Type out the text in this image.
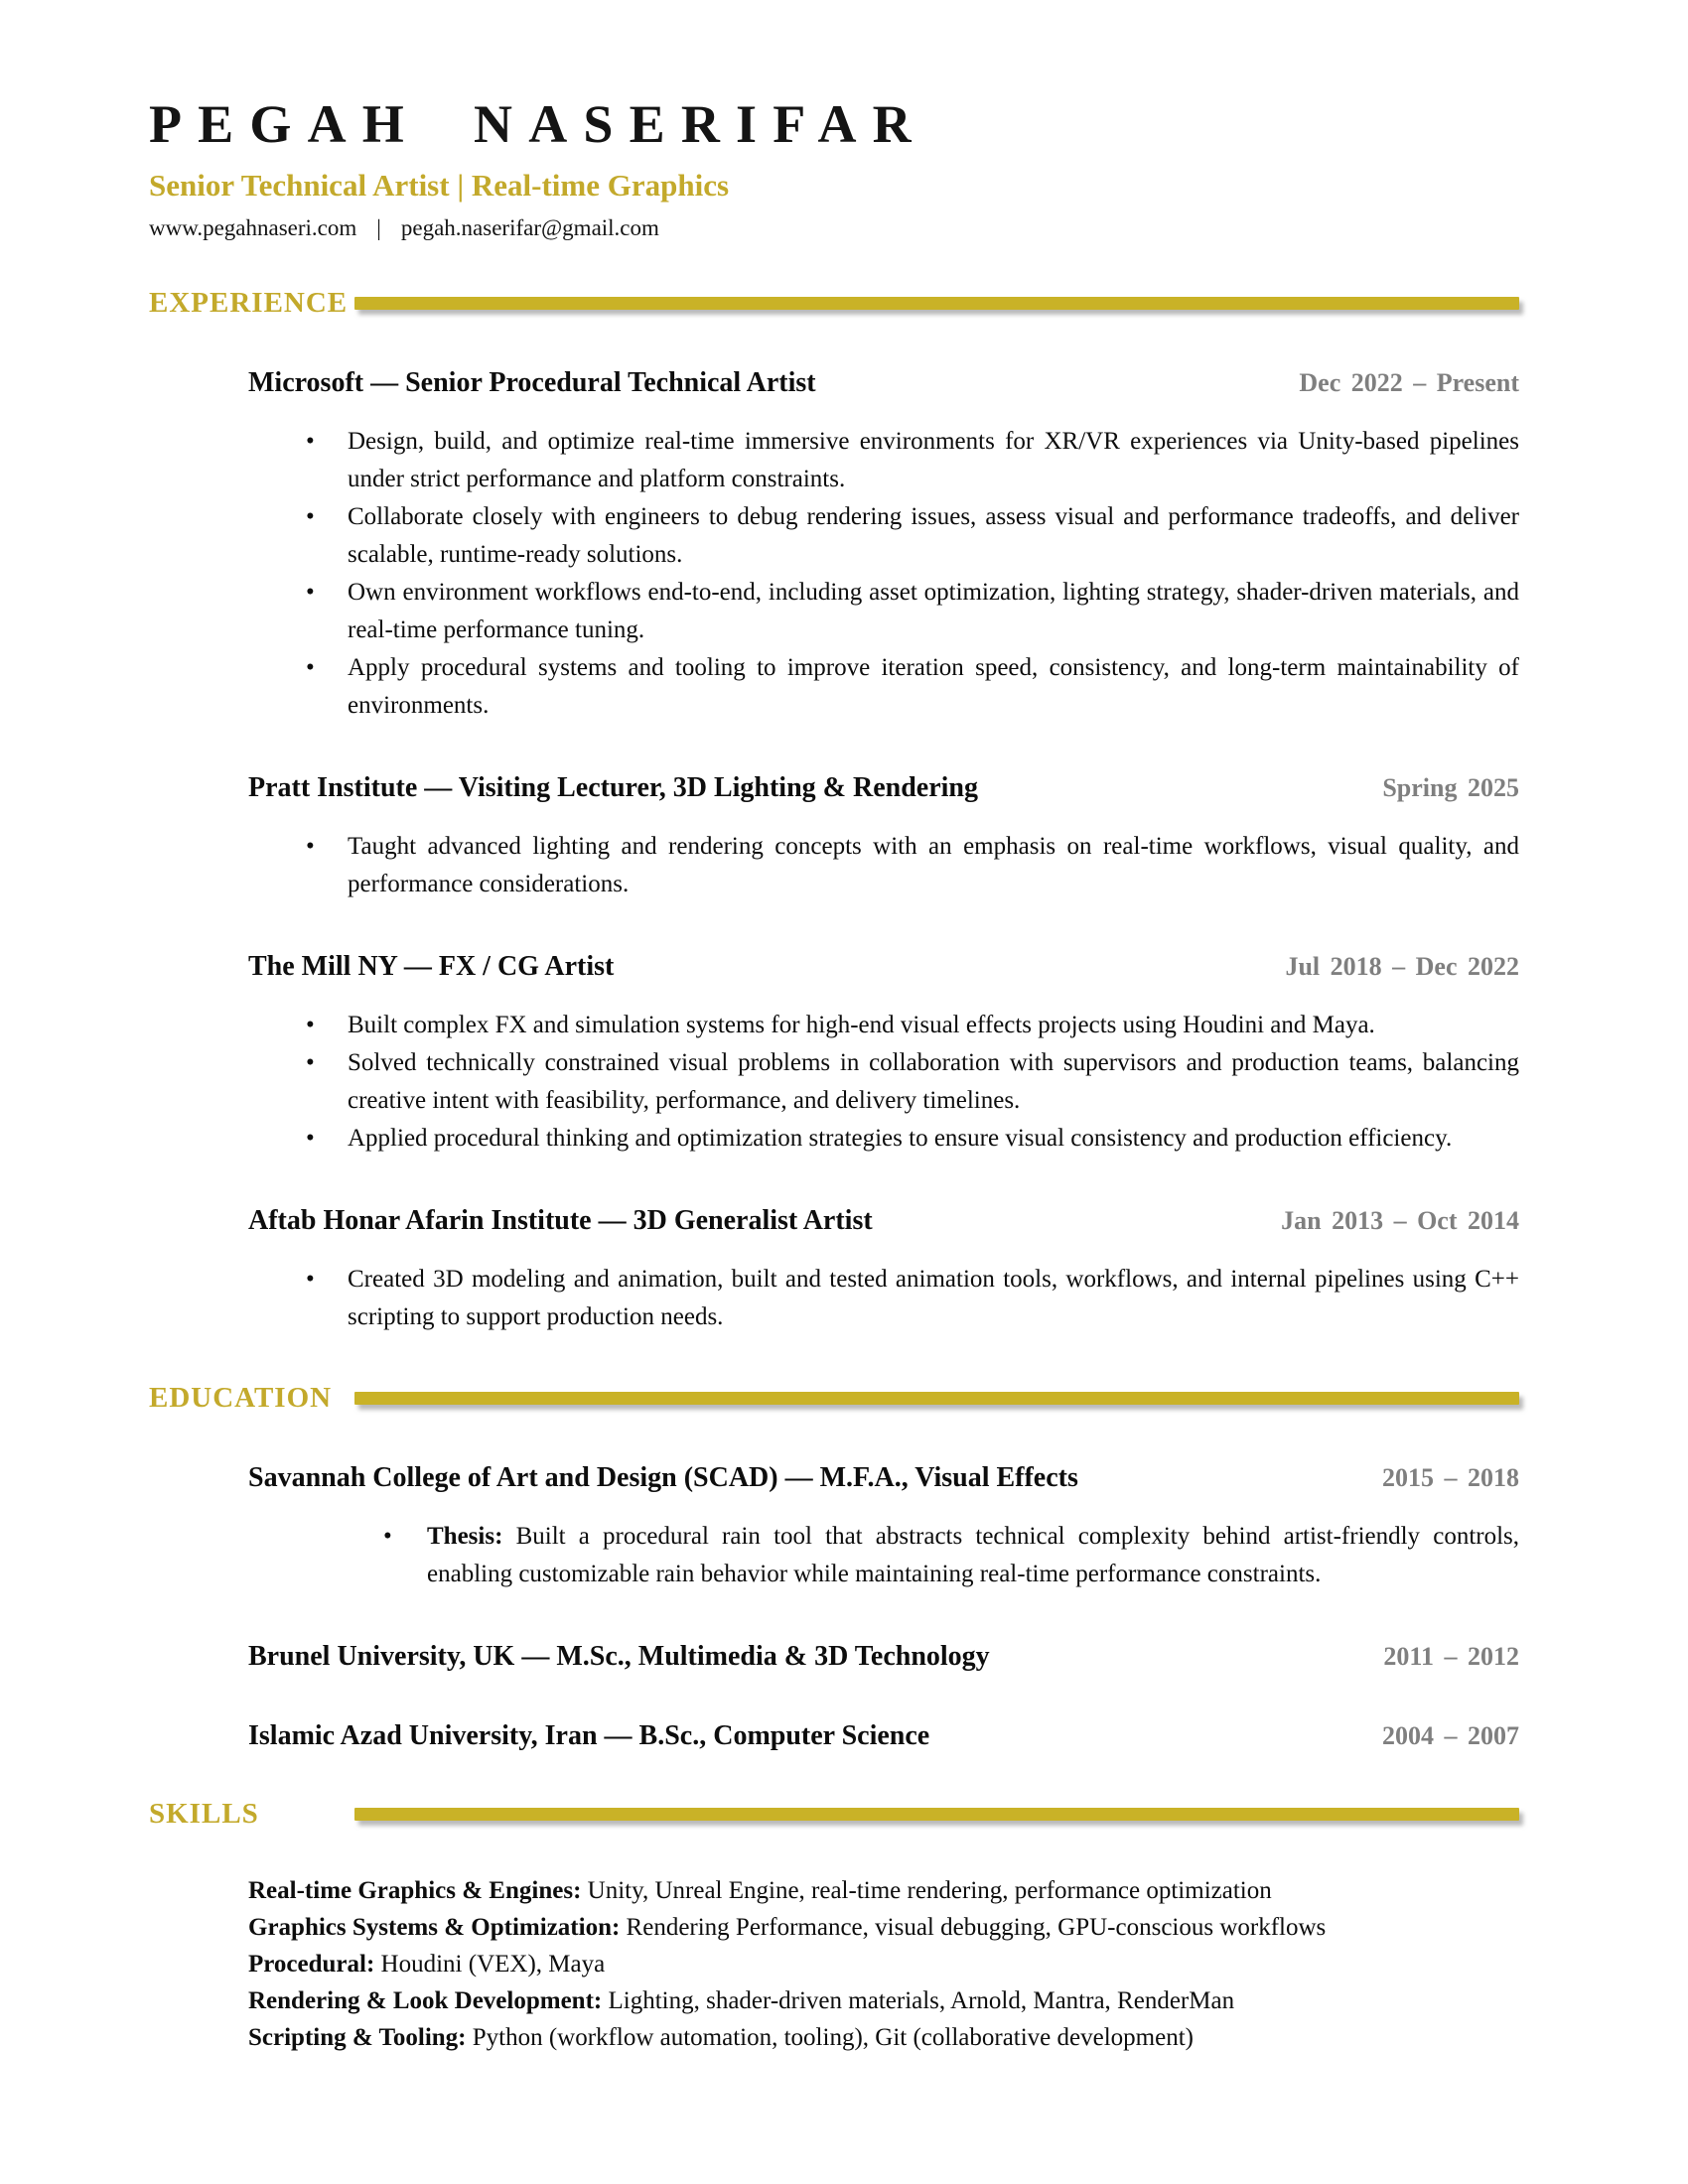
PEGAH NASERIFAR
Senior Technical Artist | Real-time Graphics
www.pegahnaseri.com | pegah.naserifar@gmail.com
EXPERIENCE
Microsoft — Senior Procedural Technical Artist	Dec 2022 – Present
• Design, build, and optimize real-time immersive environments for XR/VR experiences via Unity-based pipelines under strict performance and platform constraints.
• Collaborate closely with engineers to debug rendering issues, assess visual and performance tradeoffs, and deliver scalable, runtime-ready solutions.
• Own environment workflows end-to-end, including asset optimization, lighting strategy, shader-driven materials, and real-time performance tuning.
• Apply procedural systems and tooling to improve iteration speed, consistency, and long-term maintainability of environments.
Pratt Institute — Visiting Lecturer, 3D Lighting & Rendering	Spring 2025
• Taught advanced lighting and rendering concepts with an emphasis on real-time workflows, visual quality, and performance considerations.
The Mill NY — FX / CG Artist	Jul 2018 – Dec 2022
• Built complex FX and simulation systems for high-end visual effects projects using Houdini and Maya.
• Solved technically constrained visual problems in collaboration with supervisors and production teams, balancing creative intent with feasibility, performance, and delivery timelines.
• Applied procedural thinking and optimization strategies to ensure visual consistency and production efficiency.
Aftab Honar Afarin Institute — 3D Generalist Artist	Jan 2013 – Oct 2014
• Created 3D modeling and animation, built and tested animation tools, workflows, and internal pipelines using C++ scripting to support production needs.
EDUCATION
Savannah College of Art and Design (SCAD) — M.F.A., Visual Effects	2015 – 2018
• Thesis: Built a procedural rain tool that abstracts technical complexity behind artist-friendly controls, enabling customizable rain behavior while maintaining real-time performance constraints.
Brunel University, UK — M.Sc., Multimedia & 3D Technology	2011 – 2012
Islamic Azad University, Iran — B.Sc., Computer Science	2004 – 2007
SKILLS
Real-time Graphics & Engines: Unity, Unreal Engine, real-time rendering, performance optimization
Graphics Systems & Optimization: Rendering Performance, visual debugging, GPU-conscious workflows
Procedural: Houdini (VEX), Maya
Rendering & Look Development: Lighting, shader-driven materials, Arnold, Mantra, RenderMan
Scripting & Tooling: Python (workflow automation, tooling), Git (collaborative development)
